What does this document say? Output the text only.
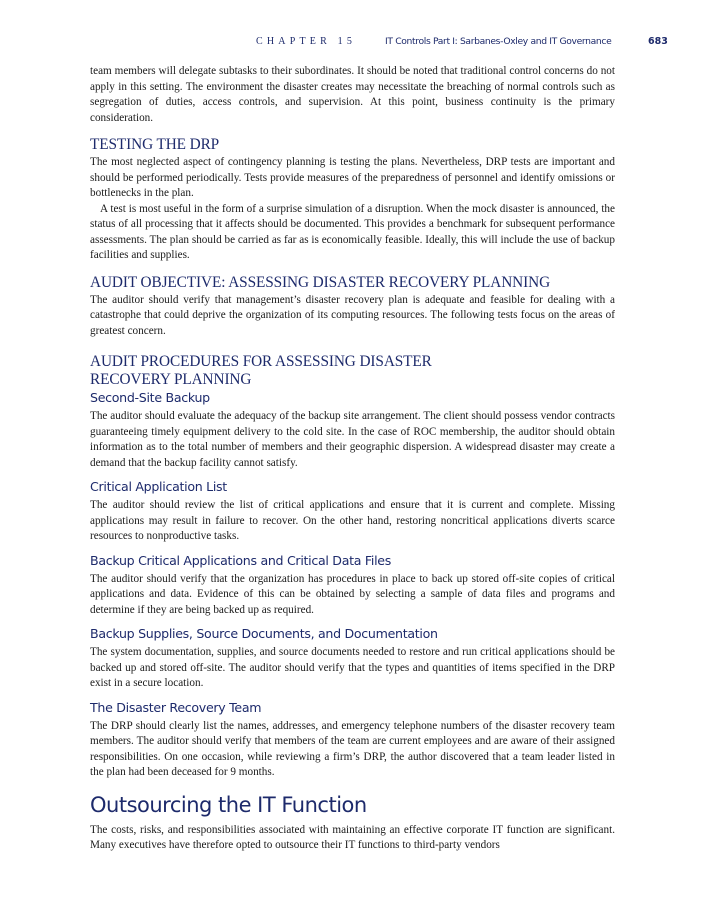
CHAPTER 15	IT Controls Part I: Sarbanes-Oxley and IT Governance	683

team members will delegate subtasks to their subordinates. It should be noted that traditional control concerns do not apply in this setting. The environment the disaster creates may necessitate the breaching of normal controls such as segregation of duties, access controls, and supervision. At this point, business continuity is the primary consideration.

TESTING THE DRP

The most neglected aspect of contingency planning is testing the plans. Nevertheless, DRP tests are important and should be performed periodically. Tests provide measures of the preparedness of personnel and identify omissions or bottlenecks in the plan.

A test is most useful in the form of a surprise simulation of a disruption. When the mock disaster is announced, the status of all processing that it affects should be documented. This provides a benchmark for subsequent performance assessments. The plan should be carried as far as is economically feasible. Ideally, this will include the use of backup facilities and supplies.

AUDIT OBJECTIVE: ASSESSING DISASTER RECOVERY PLANNING

The auditor should verify that management’s disaster recovery plan is adequate and feasible for dealing with a catastrophe that could deprive the organization of its computing resources. The following tests focus on the areas of greatest concern.

AUDIT PROCEDURES FOR ASSESSING DISASTER RECOVERY PLANNING
Second-Site Backup

The auditor should evaluate the adequacy of the backup site arrangement. The client should possess vendor contracts guaranteeing timely equipment delivery to the cold site. In the case of ROC membership, the auditor should obtain information as to the total number of members and their geographic dispersion. A widespread disaster may create a demand that the backup facility cannot satisfy.

Critical Application List

The auditor should review the list of critical applications and ensure that it is current and complete. Missing applications may result in failure to recover. On the other hand, restoring noncritical applications diverts scarce resources to nonproductive tasks.

Backup Critical Applications and Critical Data Files

The auditor should verify that the organization has procedures in place to back up stored off-site copies of critical applications and data. Evidence of this can be obtained by selecting a sample of data files and programs and determine if they are being backed up as required.

Backup Supplies, Source Documents, and Documentation

The system documentation, supplies, and source documents needed to restore and run critical applications should be backed up and stored off-site. The auditor should verify that the types and quantities of items specified in the DRP exist in a secure location.

The Disaster Recovery Team

The DRP should clearly list the names, addresses, and emergency telephone numbers of the disaster recovery team members. The auditor should verify that members of the team are current employees and are aware of their assigned responsibilities. On one occasion, while reviewing a firm’s DRP, the author discovered that a team leader listed in the plan had been deceased for 9 months.

Outsourcing the IT Function

The costs, risks, and responsibilities associated with maintaining an effective corporate IT function are significant. Many executives have therefore opted to outsource their IT functions to third-party vendors
